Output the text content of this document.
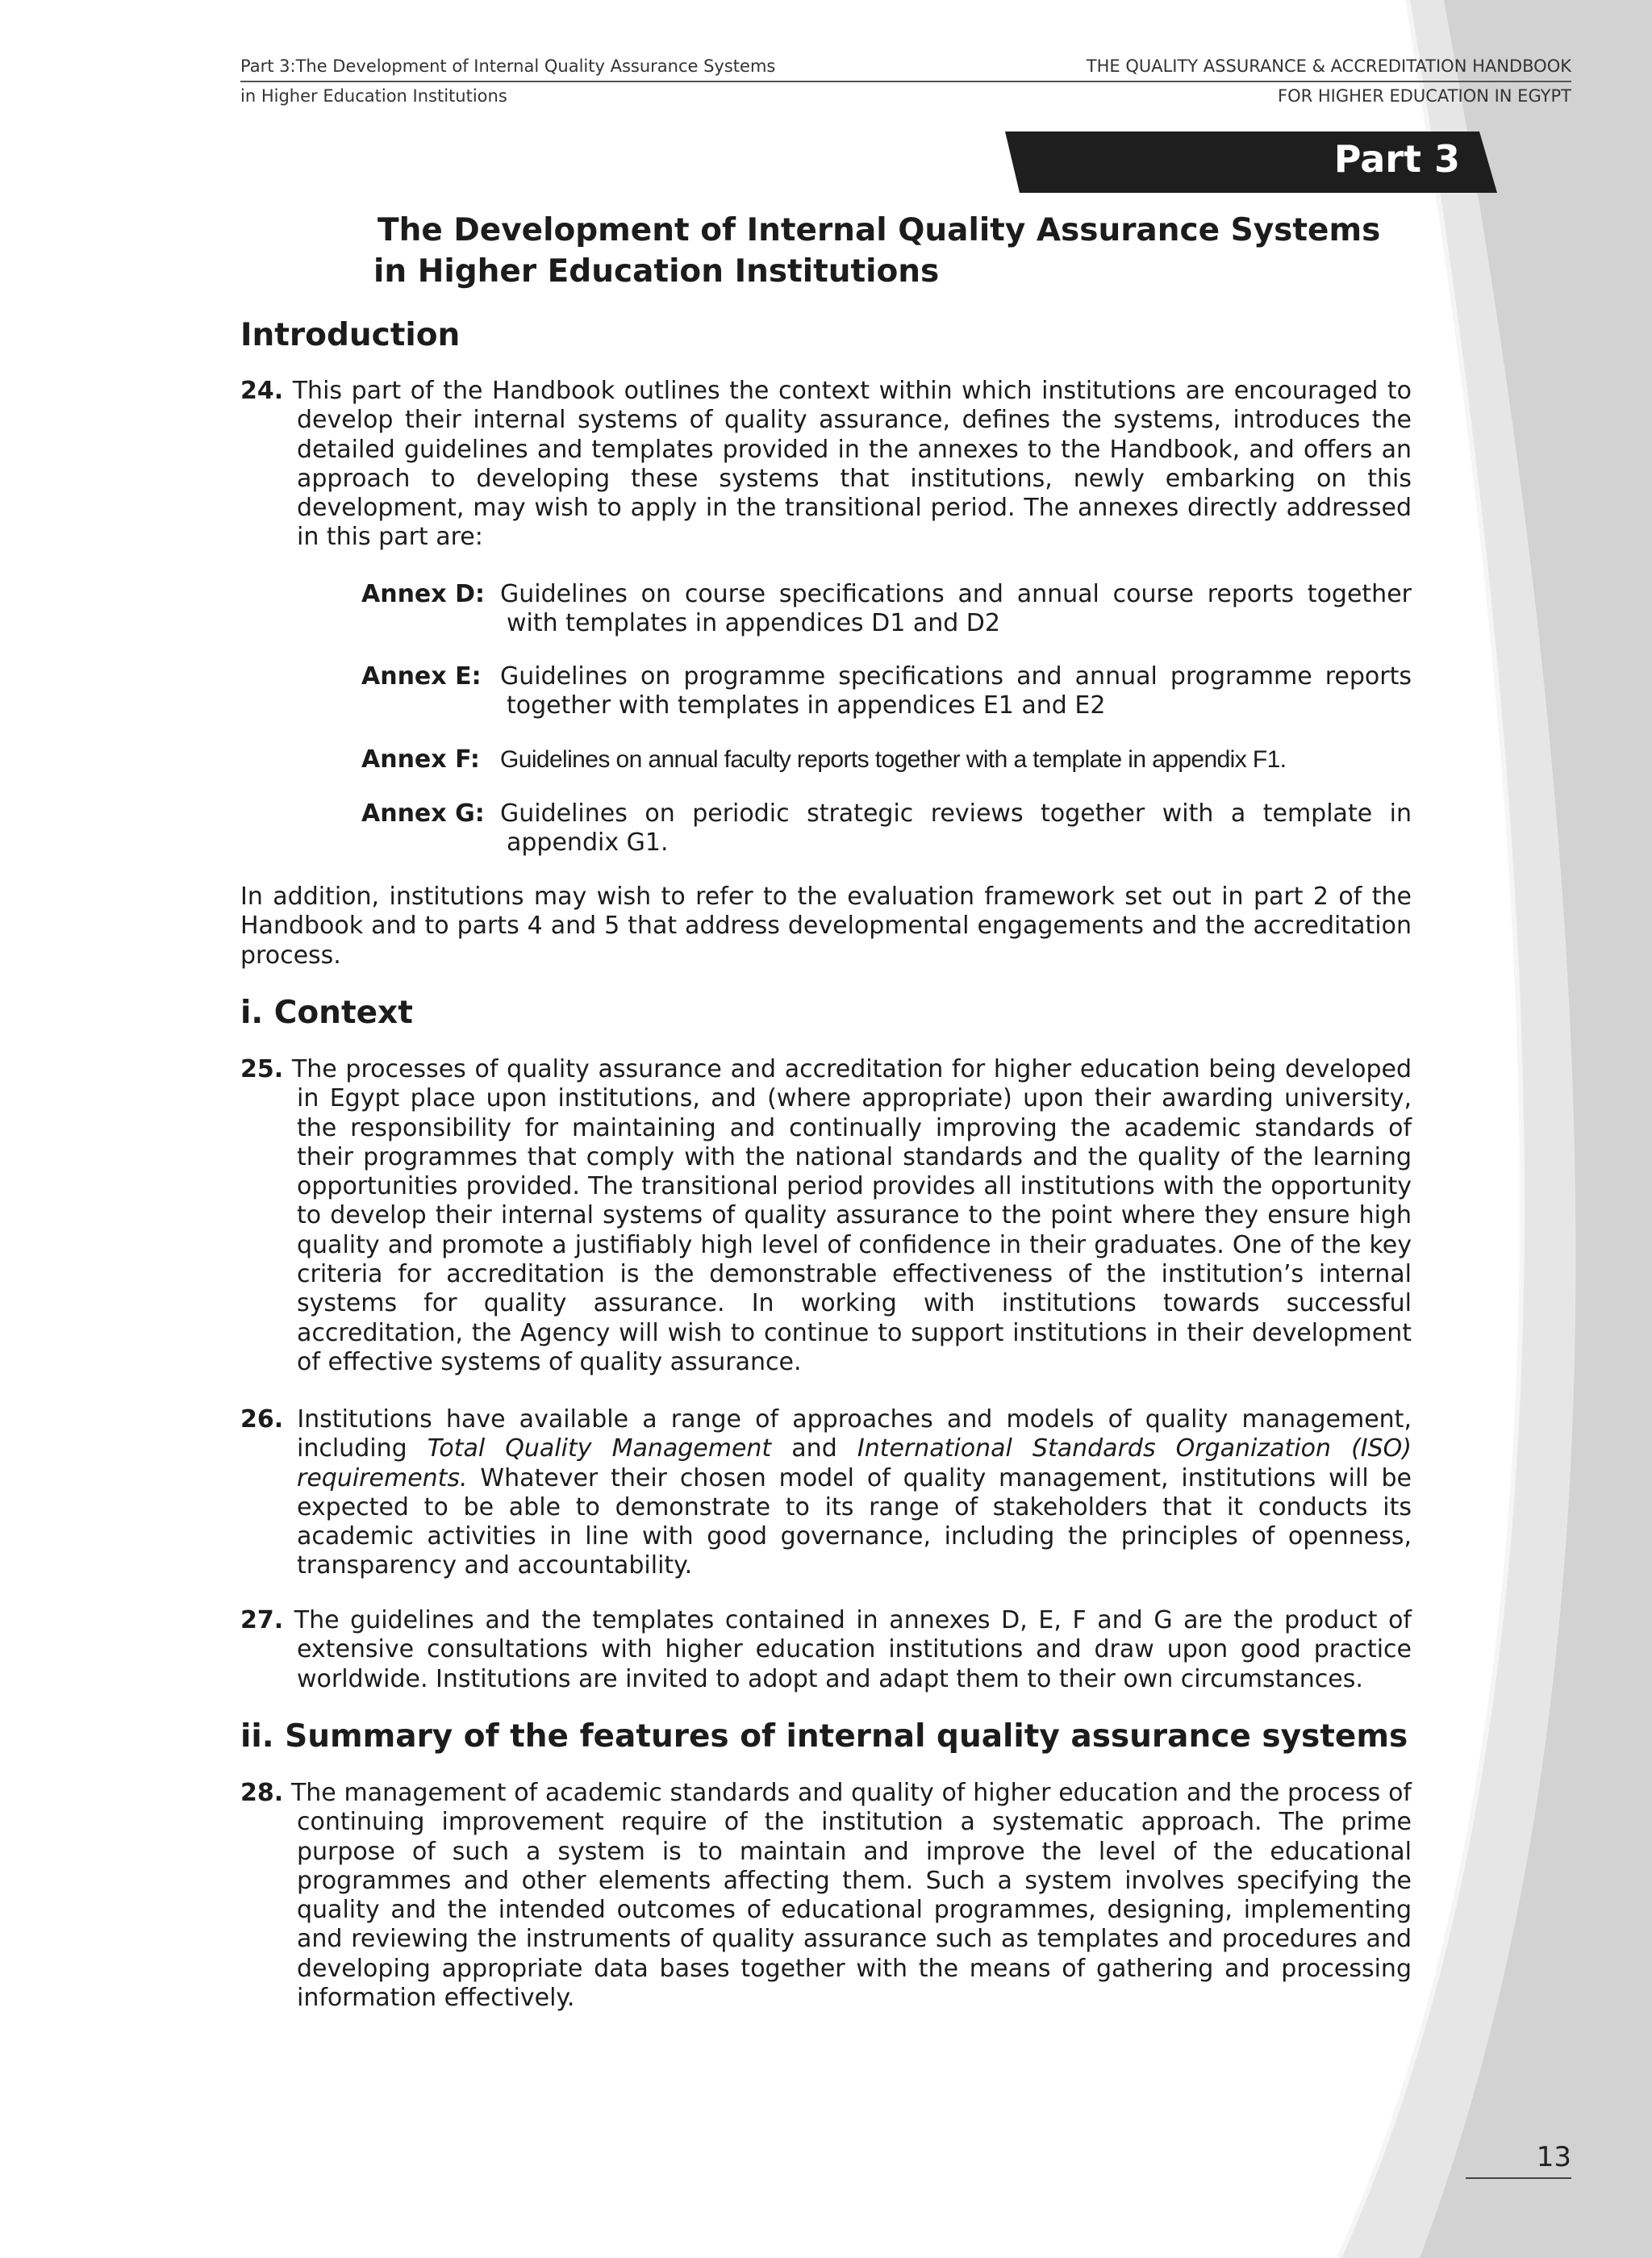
Part 3:The Development of Internal Quality Assurance Systems
in Higher Education Institutions
THE QUALITY ASSURANCE & ACCREDITATION HANDBOOK
FOR HIGHER EDUCATION IN EGYPT
Part 3
The Development of Internal Quality Assurance Systems
in Higher Education Institutions
Introduction
24. This part of the Handbook outlines the context within which institutions are encouraged to develop their internal systems of quality assurance, defines the systems, introduces the detailed guidelines and templates provided in the annexes to the Handbook, and offers an approach to developing these systems that institutions, newly embarking on this development, may wish to apply in the transitional period. The annexes directly addressed in this part are:
Annex D: Guidelines on course specifications and annual course reports together with templates in appendices D1 and D2
Annex E: Guidelines on programme specifications and annual programme reports together with templates in appendices E1 and E2
Annex F: Guidelines on annual faculty reports together with a template in appendix F1.
Annex G: Guidelines on periodic strategic reviews together with a template in appendix G1.
In addition, institutions may wish to refer to the evaluation framework set out in part 2 of the Handbook and to parts 4 and 5 that address developmental engagements and the accreditation process.
i. Context
25. The processes of quality assurance and accreditation for higher education being developed in Egypt place upon institutions, and (where appropriate) upon their awarding university, the responsibility for maintaining and continually improving the academic standards of their programmes that comply with the national standards and the quality of the learning opportunities provided. The transitional period provides all institutions with the opportunity to develop their internal systems of quality assurance to the point where they ensure high quality and promote a justifiably high level of confidence in their graduates. One of the key criteria for accreditation is the demonstrable effectiveness of the institution’s internal systems for quality assurance. In working with institutions towards successful accreditation, the Agency will wish to continue to support institutions in their development of effective systems of quality assurance.
26. Institutions have available a range of approaches and models of quality management, including Total Quality Management and International Standards Organization (ISO) requirements. Whatever their chosen model of quality management, institutions will be expected to be able to demonstrate to its range of stakeholders that it conducts its academic activities in line with good governance, including the principles of openness, transparency and accountability.
27. The guidelines and the templates contained in annexes D, E, F and G are the product of extensive consultations with higher education institutions and draw upon good practice worldwide. Institutions are invited to adopt and adapt them to their own circumstances.
ii. Summary of the features of internal quality assurance systems
28. The management of academic standards and quality of higher education and the process of continuing improvement require of the institution a systematic approach. The prime purpose of such a system is to maintain and improve the level of the educational programmes and other elements affecting them. Such a system involves specifying the quality and the intended outcomes of educational programmes, designing, implementing and reviewing the instruments of quality assurance such as templates and procedures and developing appropriate data bases together with the means of gathering and processing information effectively.
13
